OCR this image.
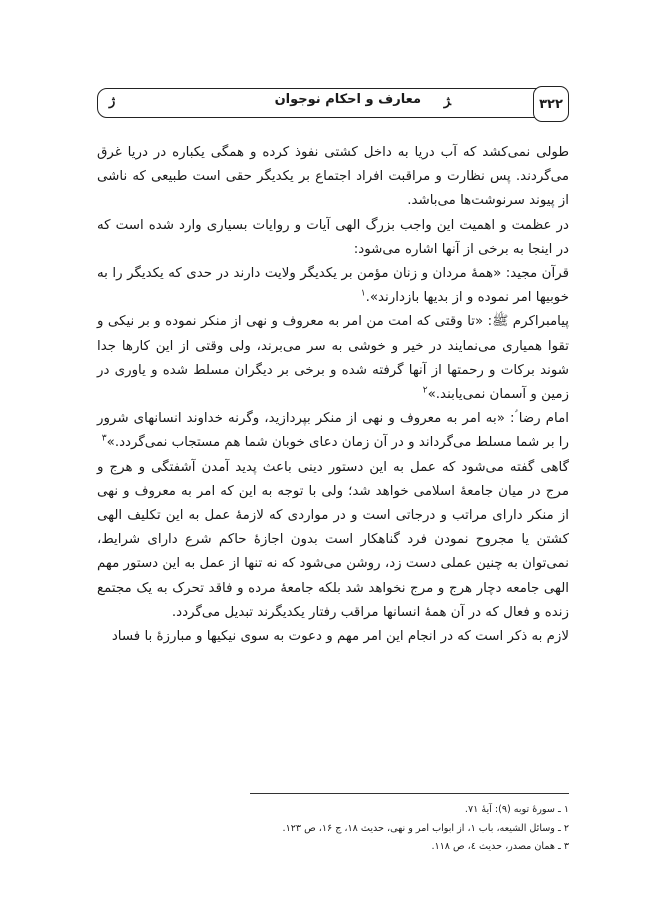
ﮊ	معارف و احکام نوجوان ﮋ	۳۲۲

طولی نمی‌کشد که آب دریا به داخل کشتی نفوذ کرده و همگی یکباره در دریا غرق می‌گردند. پس نظارت و مراقبت افراد اجتماع بر یکدیگر حقی است طبیعی که ناشی از پیوند سرنوشت‌ها می‌باشد.

در عظمت و اهمیت این واجب بزرگ الهی آیات و روایات بسیاری وارد شده است که در اینجا به برخی از آنها اشاره می‌شود:

قرآن مجید: «همهٔ مردان و زنان مؤمن بر یکدیگر ولایت دارند در حدی که یکدیگر را به خوبیها امر نموده و از بدیها بازدارند».$^۱$

پیامبراکرم ﷺ: «تا وقتی که امت من امر به معروف و نهی از منکر نموده و بر نیکی و تقوا همیاری می‌نمایند در خیر و خوشی به سر می‌برند، ولی وقتی از این کارها جدا شوند برکات و رحمتها از آنها گرفته شده و برخی بر دیگران مسلط شده و یاوری در زمین و آسمان نمی‌یابند.»$^۲$

امام رضا ؑ: «به امر به معروف و نهی از منکر بپردازید، وگرنه خداوند انسانهای شرور را بر شما مسلط می‌گرداند و در آن زمان دعای خوبان شما هم مستجاب نمی‌گردد.»$^۳$

گاهی گفته می‌شود که عمل به این دستور دینی باعث پدید آمدن آشفتگی و هرج و مرج در میان جامعهٔ اسلامی خواهد شد؛ ولی با توجه به این که امر به معروف و نهی از منکر دارای مراتب و درجاتی است و در مواردی که لازمهٔ عمل به این تکلیف الهی کشتن یا مجروح نمودن فرد گناهکار است بدون اجازهٔ حاکم شرع دارای شرایط، نمی‌توان به چنین عملی دست زد، روشن می‌شود که نه تنها از عمل به این دستور مهم الهی جامعه دچار هرج و مرج نخواهد شد بلکه جامعهٔ مرده و فاقد تحرک به یک مجتمع زنده و فعال که در آن همهٔ انسانها مراقب رفتار یکدیگرند تبدیل می‌گردد.

لازم به ذکر است که در انجام این امر مهم و دعوت به سوی نیکیها و مبارزهٔ با فساد

۱ ـ سورهٔ توبه (۹): آیهٔ ۷۱.
۲ ـ وسائل الشیعه، باب ۱، از ابواب امر و نهی، حدیث ۱۸، ج ۱۶، ص ۱۲۳.
۳ ـ همان مصدر، حدیث ٤، ص ۱۱۸.
